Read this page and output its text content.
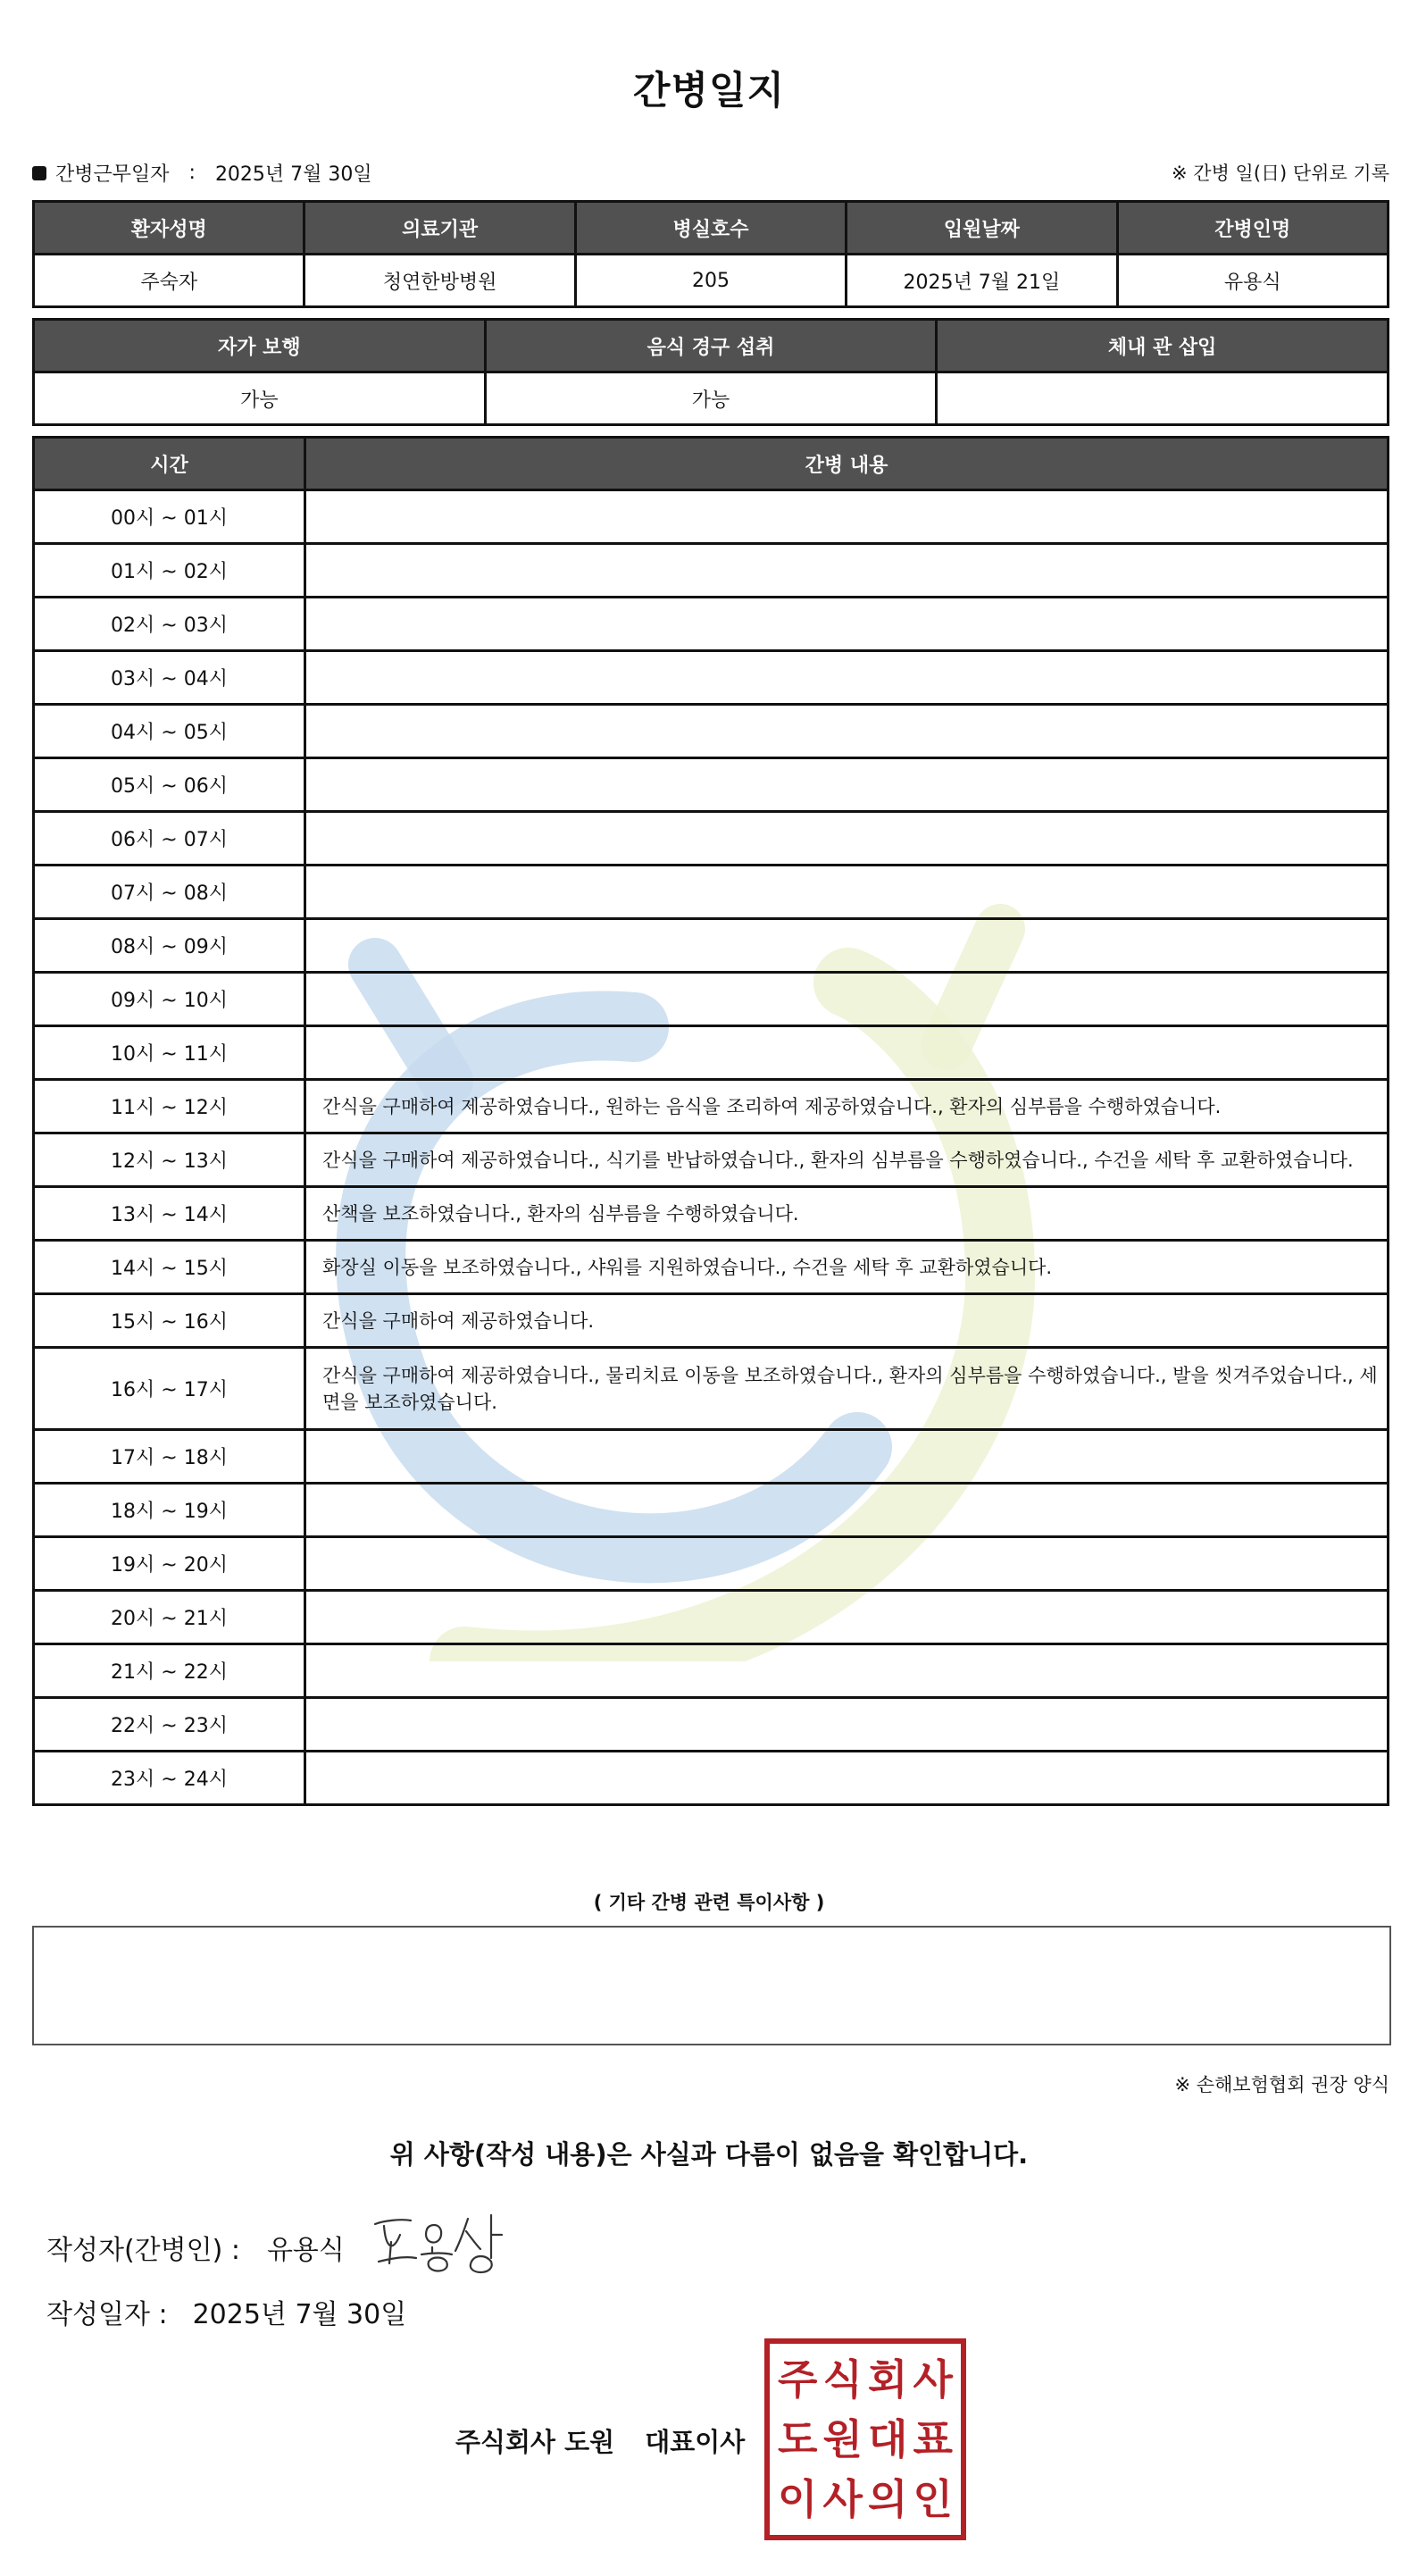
간병일지
간병근무일자 : 2025년 7월 30일	※ 간병 일(日) 단위로 기록
환자성명	의료기관	병실호수	입원날짜	간병인명
주숙자	청연한방병원	205	2025년 7월 21일	유용식
자가 보행	음식 경구 섭취	체내 관 삽입
가능	가능	
시간	간병 내용
00시 ~ 01시	
01시 ~ 02시	
02시 ~ 03시	
03시 ~ 04시	
04시 ~ 05시	
05시 ~ 06시	
06시 ~ 07시	
07시 ~ 08시	
08시 ~ 09시	
09시 ~ 10시	
10시 ~ 11시	
11시 ~ 12시	간식을 구매하여 제공하였습니다., 원하는 음식을 조리하여 제공하였습니다., 환자의 심부름을 수행하였습니다.
12시 ~ 13시	간식을 구매하여 제공하였습니다., 식기를 반납하였습니다., 환자의 심부름을 수행하였습니다., 수건을 세탁 후 교환하였습니다.
13시 ~ 14시	산책을 보조하였습니다., 환자의 심부름을 수행하였습니다.
14시 ~ 15시	화장실 이동을 보조하였습니다., 샤워를 지원하였습니다., 수건을 세탁 후 교환하였습니다.
15시 ~ 16시	간식을 구매하여 제공하였습니다.
16시 ~ 17시	간식을 구매하여 제공하였습니다., 물리치료 이동을 보조하였습니다., 환자의 심부름을 수행하였습니다., 발을 씻겨주었습니다., 세면을 보조하였습니다.
17시 ~ 18시	
18시 ~ 19시	
19시 ~ 20시	
20시 ~ 21시	
21시 ~ 22시	
22시 ~ 23시	
23시 ~ 24시	
( 기타 간병 관련 특이사항 )
※ 손해보험협회 권장 양식
위 사항(작성 내용)은 사실과 다름이 없음을 확인합니다.
작성자(간병인) : 유용식
작성일자 : 2025년 7월 30일
주식회사 도원 대표이사
주 식 회 사
도 원 대 표
이 사 의 인
